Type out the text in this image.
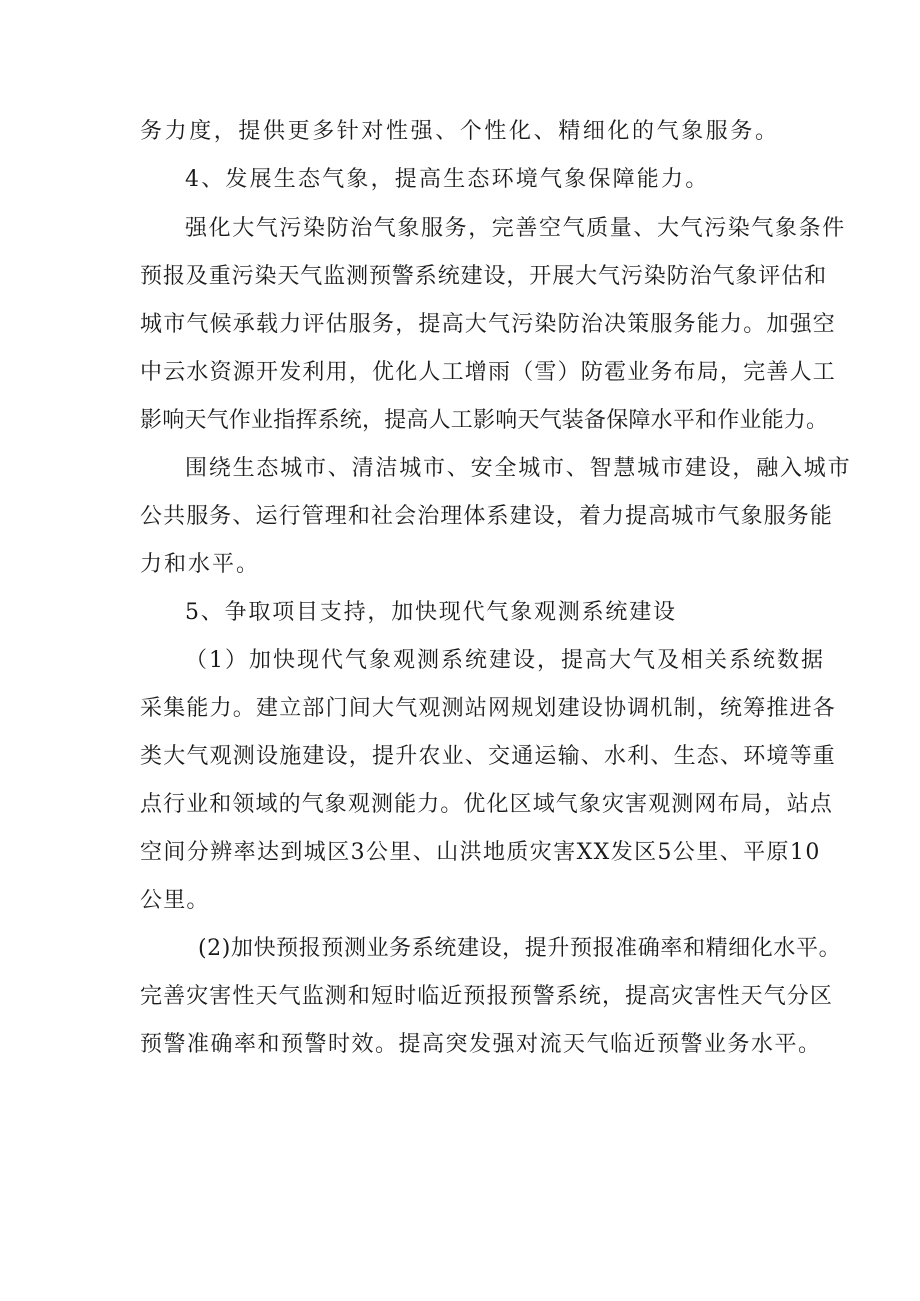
务力度，提供更多针对性强、个性化、精细化的气象服务。
4、发展生态气象，提高生态环境气象保障能力。
强化大气污染防治气象服务，完善空气质量、大气污染气象条件
预报及重污染天气监测预警系统建设，开展大气污染防治气象评估和
城市气候承载力评估服务，提高大气污染防治决策服务能力。加强空
中云水资源开发利用，优化人工增雨（雪）防雹业务布局，完善人工
影响天气作业指挥系统，提高人工影响天气装备保障水平和作业能力。
围绕生态城市、清洁城市、安全城市、智慧城市建设，融入城市
公共服务、运行管理和社会治理体系建设，着力提高城市气象服务能
力和水平。
5、争取项目支持，加快现代气象观测系统建设
（1）加快现代气象观测系统建设，提高大气及相关系统数据
采集能力。建立部门间大气观测站网规划建设协调机制，统筹推进各
类大气观测设施建设，提升农业、交通运输、水利、生态、环境等重
点行业和领域的气象观测能力。优化区域气象灾害观测网布局，站点
空间分辨率达到城区3公里、山洪地质灾害XX发区5公里、平原10
公里。
(2)加快预报预测业务系统建设，提升预报准确率和精细化水平。
完善灾害性天气监测和短时临近预报预警系统，提高灾害性天气分区
预警准确率和预警时效。提高突发强对流天气临近预警业务水平。
